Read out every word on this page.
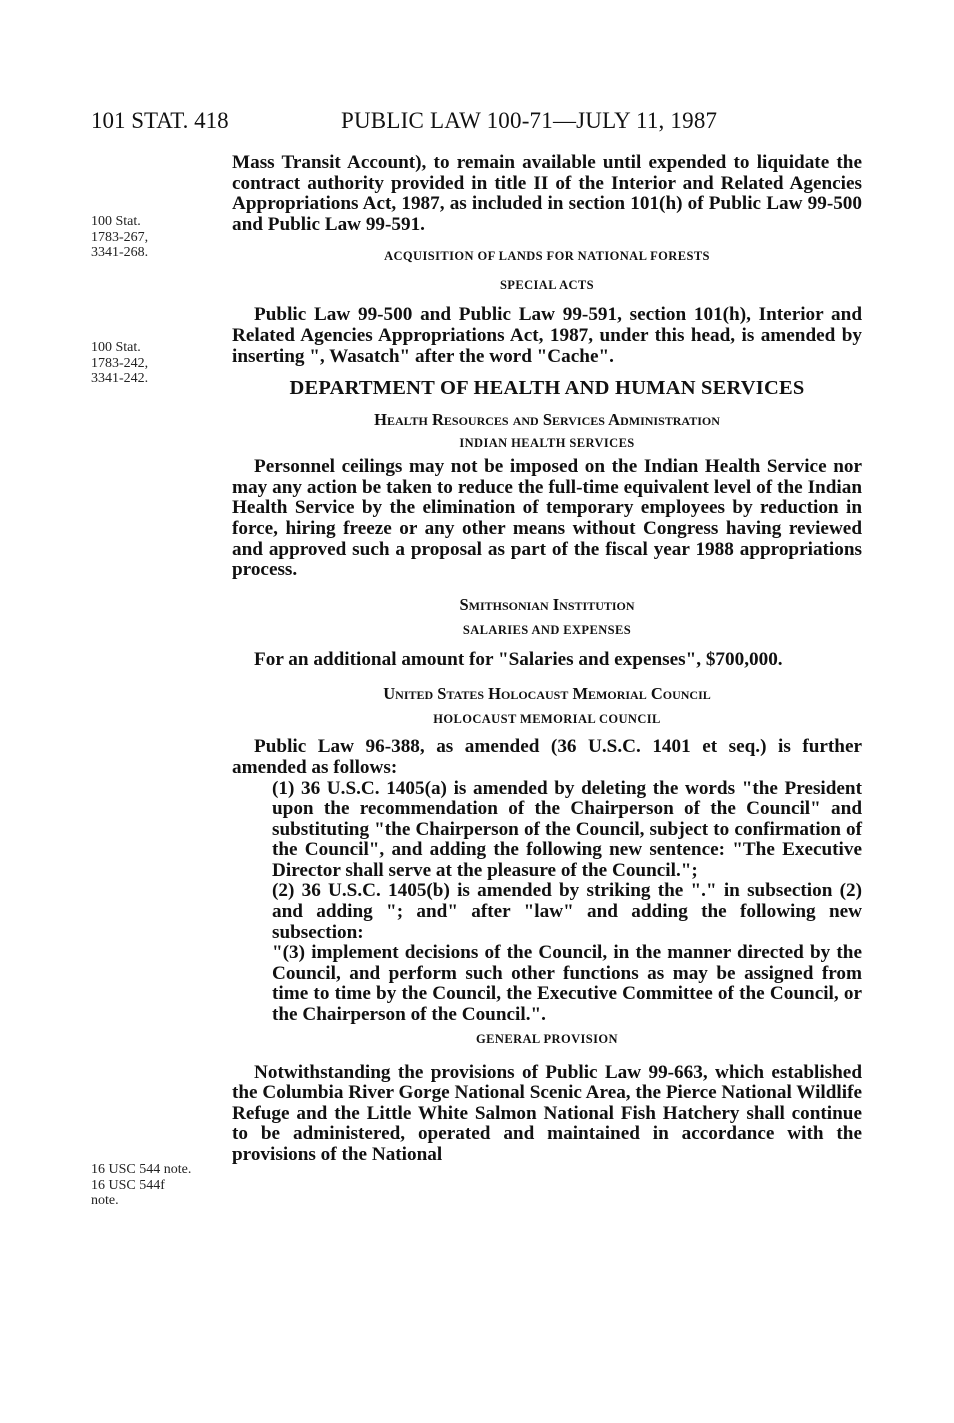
101 STAT. 418	PUBLIC LAW 100-71—JULY 11, 1987
100 Stat.
1783-267,
3341-268.
100 Stat.
1783-242,
3341-242.
16 USC 544 note.
16 USC 544f
note.

Mass Transit Account), to remain available until expended to liquidate the contract authority provided in title II of the Interior and Related Agencies Appropriations Act, 1987, as included in section 101(h) of Public Law 99-500 and Public Law 99-591.

ACQUISITION OF LANDS FOR NATIONAL FORESTS
SPECIAL ACTS

Public Law 99-500 and Public Law 99-591, section 101(h), Interior and Related Agencies Appropriations Act, 1987, under this head, is amended by inserting ", Wasatch" after the word "Cache".

DEPARTMENT OF HEALTH AND HUMAN SERVICES
Health Resources and Services Administration
INDIAN HEALTH SERVICES

Personnel ceilings may not be imposed on the Indian Health Service nor may any action be taken to reduce the full-time equivalent level of the Indian Health Service by the elimination of temporary employees by reduction in force, hiring freeze or any other means without Congress having reviewed and approved such a proposal as part of the fiscal year 1988 appropriations process.

Smithsonian Institution
SALARIES AND EXPENSES

For an additional amount for "Salaries and expenses", $700,000.

United States Holocaust Memorial Council
HOLOCAUST MEMORIAL COUNCIL

Public Law 96-388, as amended (36 U.S.C. 1401 et seq.) is further amended as follows:

(1) 36 U.S.C. 1405(a) is amended by deleting the words "the President upon the recommendation of the Chairperson of the Council" and substituting "the Chairperson of the Council, subject to confirmation of the Council", and adding the following new sentence: "The Executive Director shall serve at the pleasure of the Council.";

(2) 36 U.S.C. 1405(b) is amended by striking the "." in subsection (2) and adding "; and" after "law" and adding the following new subsection:

"(3) implement decisions of the Council, in the manner directed by the Council, and perform such other functions as may be assigned from time to time by the Council, the Executive Committee of the Council, or the Chairperson of the Council.".

GENERAL PROVISION

Notwithstanding the provisions of Public Law 99-663, which established the Columbia River Gorge National Scenic Area, the Pierce National Wildlife Refuge and the Little White Salmon National Fish Hatchery shall continue to be administered, operated and maintained in accordance with the provisions of the National
